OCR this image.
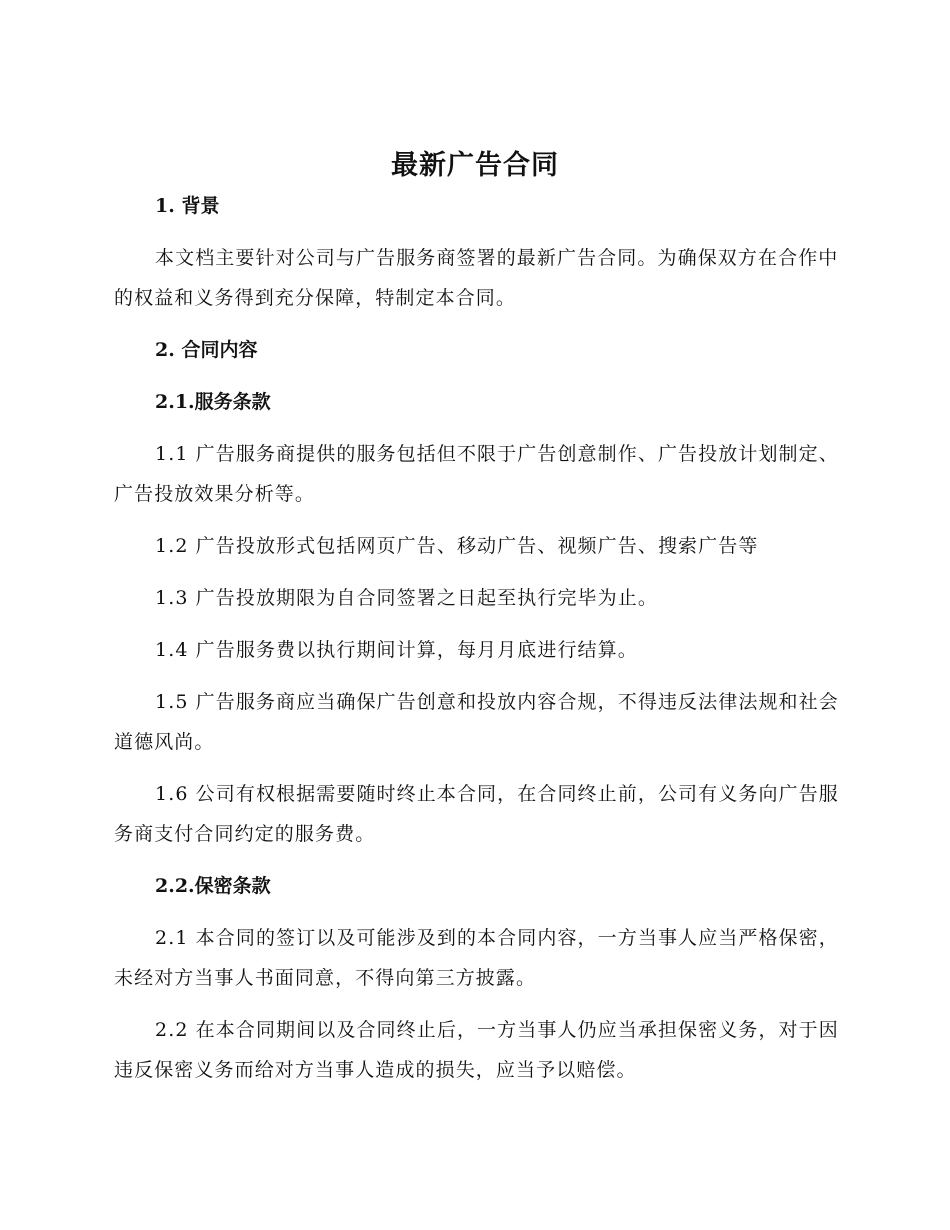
最新广告合同
1. 背景
本文档主要针对公司与广告服务商签署的最新广告合同。为确保双方在合作中的权益和义务得到充分保障，特制定本合同。
2. 合同内容
2.1.服务条款
1.1 广告服务商提供的服务包括但不限于广告创意制作、广告投放计划制定、广告投放效果分析等。
1.2 广告投放形式包括网页广告、移动广告、视频广告、搜索广告等
1.3 广告投放期限为自合同签署之日起至执行完毕为止。
1.4 广告服务费以执行期间计算，每月月底进行结算。
1.5 广告服务商应当确保广告创意和投放内容合规，不得违反法律法规和社会道德风尚。
1.6 公司有权根据需要随时终止本合同，在合同终止前，公司有义务向广告服务商支付合同约定的服务费。
2.2.保密条款
2.1 本合同的签订以及可能涉及到的本合同内容，一方当事人应当严格保密，未经对方当事人书面同意，不得向第三方披露。
2.2 在本合同期间以及合同终止后，一方当事人仍应当承担保密义务，对于因违反保密义务而给对方当事人造成的损失，应当予以赔偿。
